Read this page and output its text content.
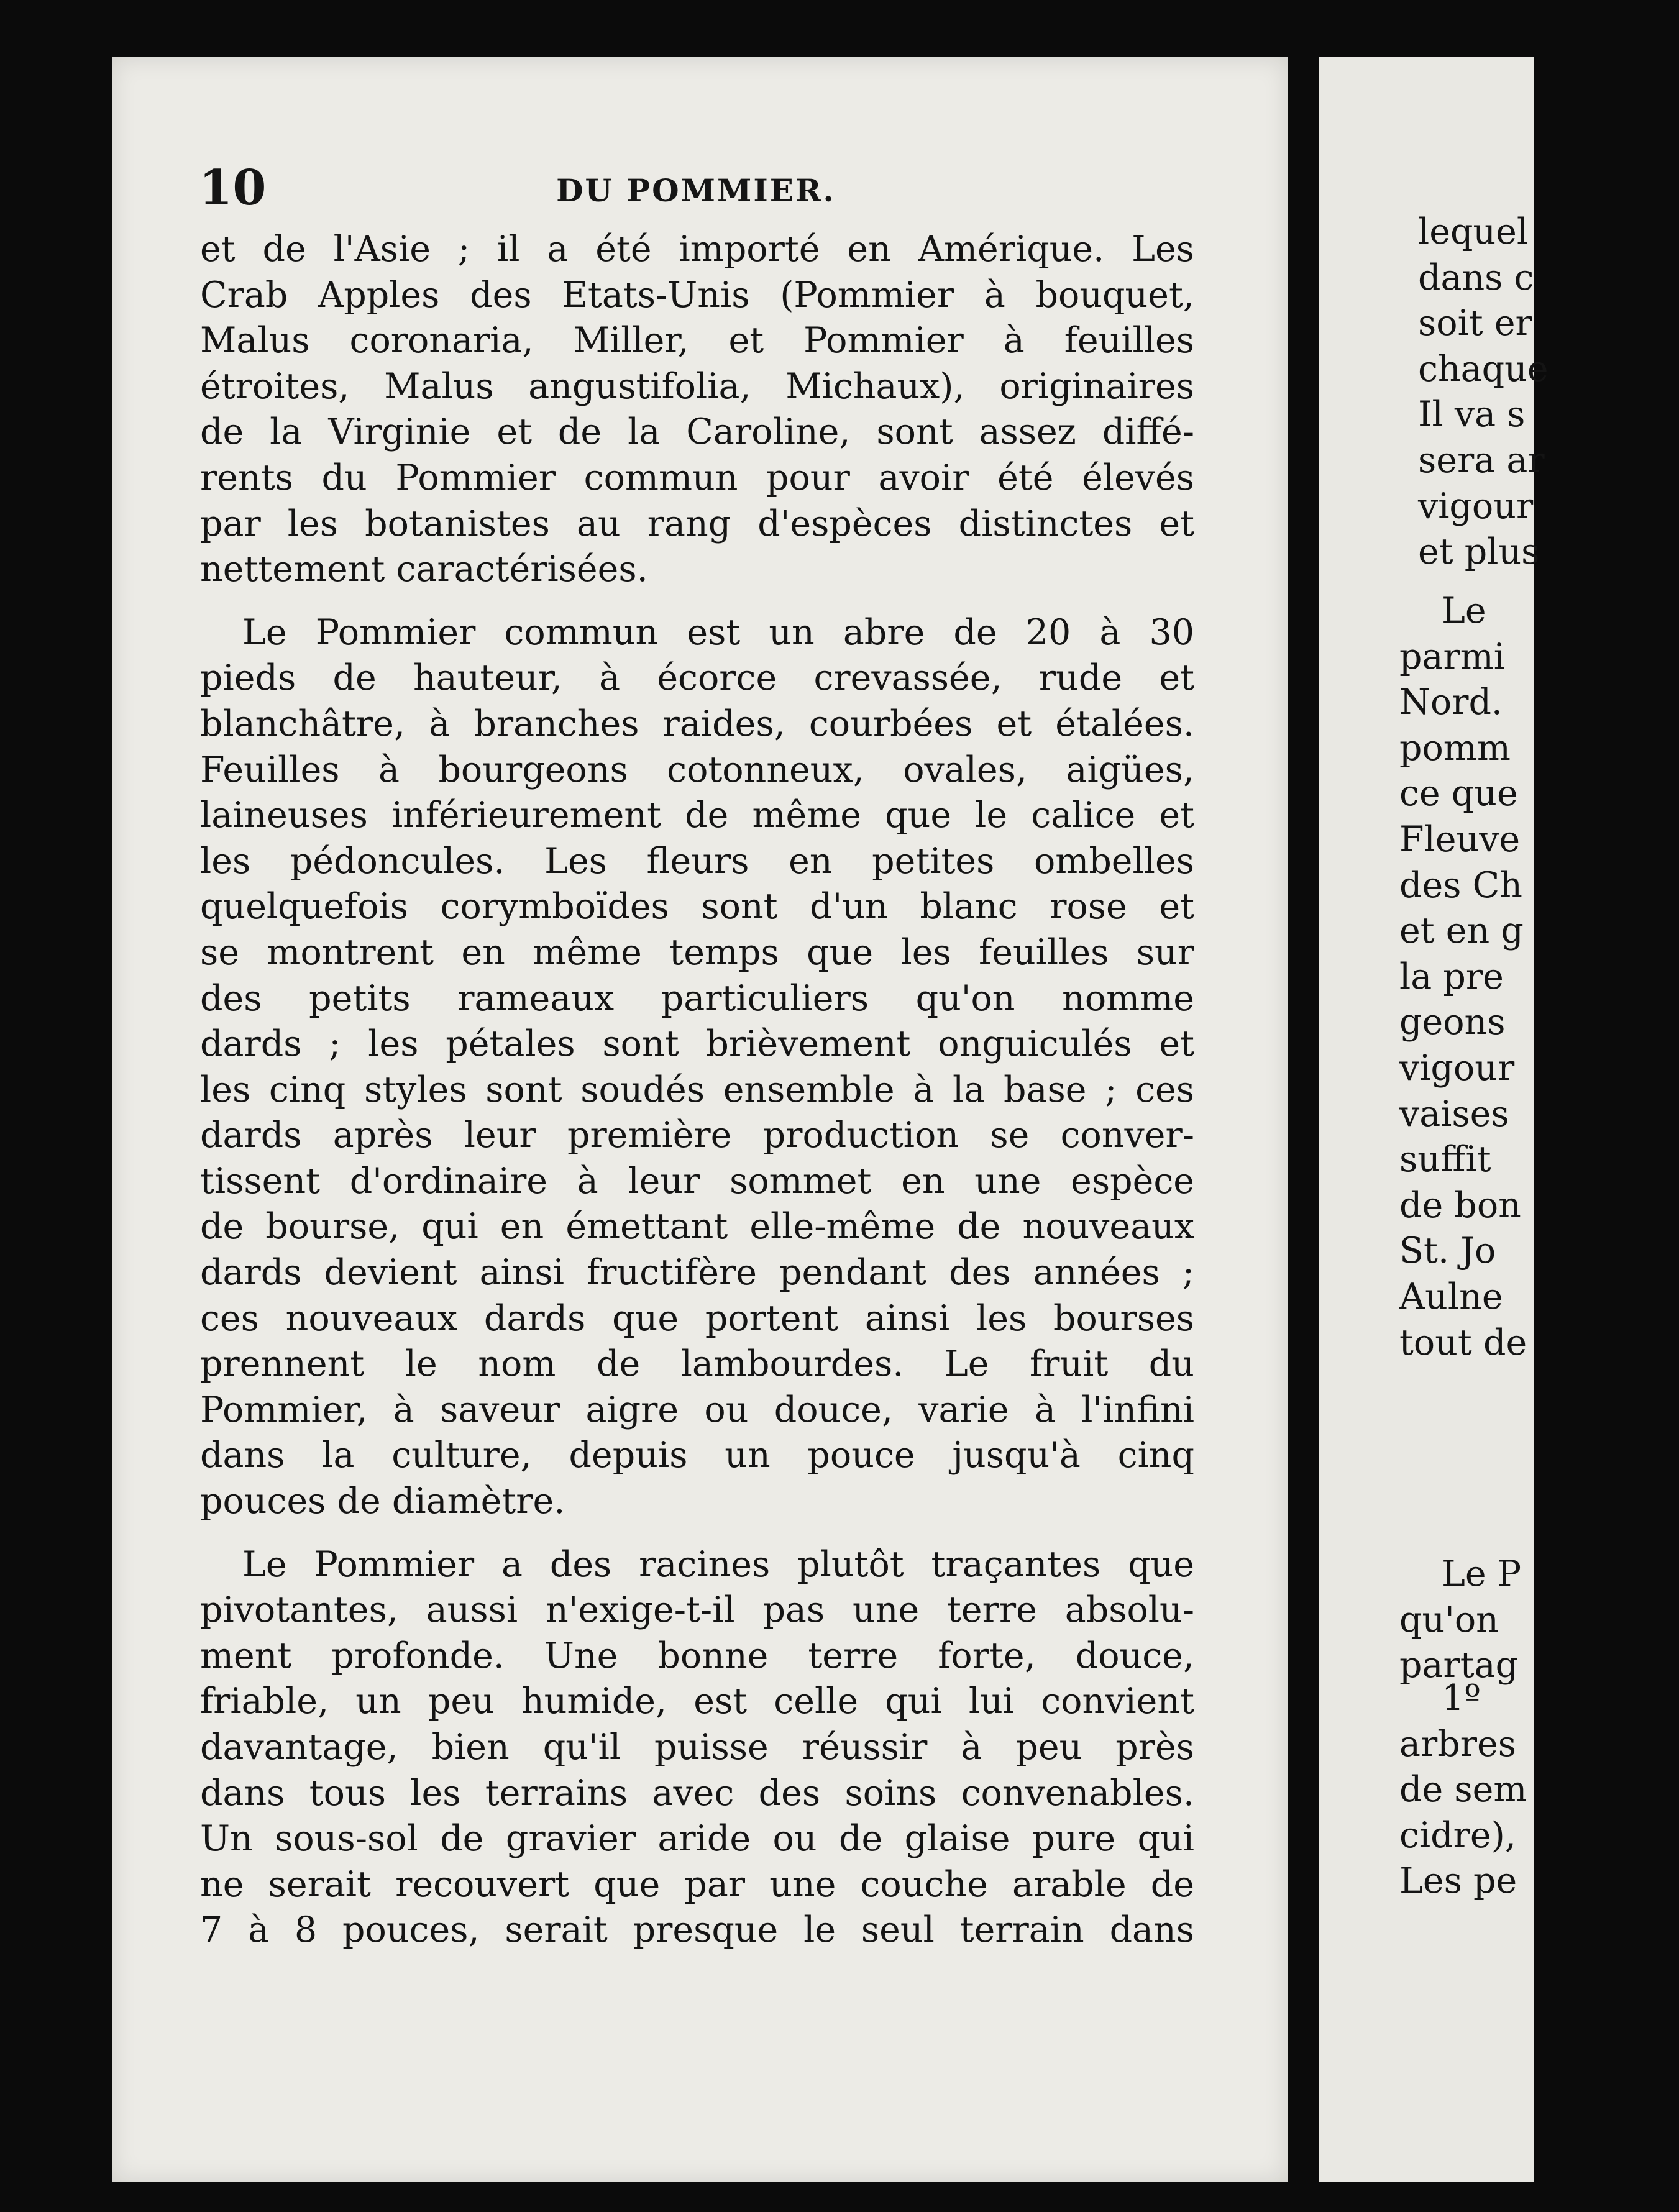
10	DU POMMIER.
et de l'Asie ; il a été importé en Amérique. Les
Crab Apples des Etats-Unis (Pommier à bouquet,
Malus coronaria, Miller, et Pommier à feuilles
étroites, Malus angustifolia, Michaux), originaires
de la Virginie et de la Caroline, sont assez diffé-
rents du Pommier commun pour avoir été élevés
par les botanistes au rang d'espèces distinctes et
nettement caractérisées.
Le Pommier commun est un abre de 20 à 30
pieds de hauteur, à écorce crevassée, rude et
blanchâtre, à branches raides, courbées et étalées.
Feuilles à bourgeons cotonneux, ovales, aigües,
laineuses inférieurement de même que le calice et
les pédoncules. Les fleurs en petites ombelles
quelquefois corymboïdes sont d'un blanc rose et
se montrent en même temps que les feuilles sur
des petits rameaux particuliers qu'on nomme
dards ; les pétales sont brièvement onguiculés et
les cinq styles sont soudés ensemble à la base ; ces
dards après leur première production se conver-
tissent d'ordinaire à leur sommet en une espèce
de bourse, qui en émettant elle-même de nouveaux
dards devient ainsi fructifère pendant des années ;
ces nouveaux dards que portent ainsi les bourses
prennent le nom de lambourdes. Le fruit du
Pommier, à saveur aigre ou douce, varie à l'infini
dans la culture, depuis un pouce jusqu'à cinq
pouces de diamètre.
Le Pommier a des racines plutôt traçantes que
pivotantes, aussi n'exige-t-il pas une terre absolu-
ment profonde. Une bonne terre forte, douce,
friable, un peu humide, est celle qui lui convient
davantage, bien qu'il puisse réussir à peu près
dans tous les terrains avec des soins convenables.
Un sous-sol de gravier aride ou de glaise pure qui
ne serait recouvert que par une couche arable de
7 à 8 pouces, serait presque le seul terrain dans
lequel
dans c
soit er
chaque
Il va s
sera ar
vigour
et plus
Le
parmi
Nord.
pomm
ce que
Fleuve
des Ch
et en g
la pre
geons
vigour
vaises
suffit
de bon
St. Jo
Aulne
tout de
Le P
qu'on
partag
1º
arbres
de sem
cidre),
Les pe
